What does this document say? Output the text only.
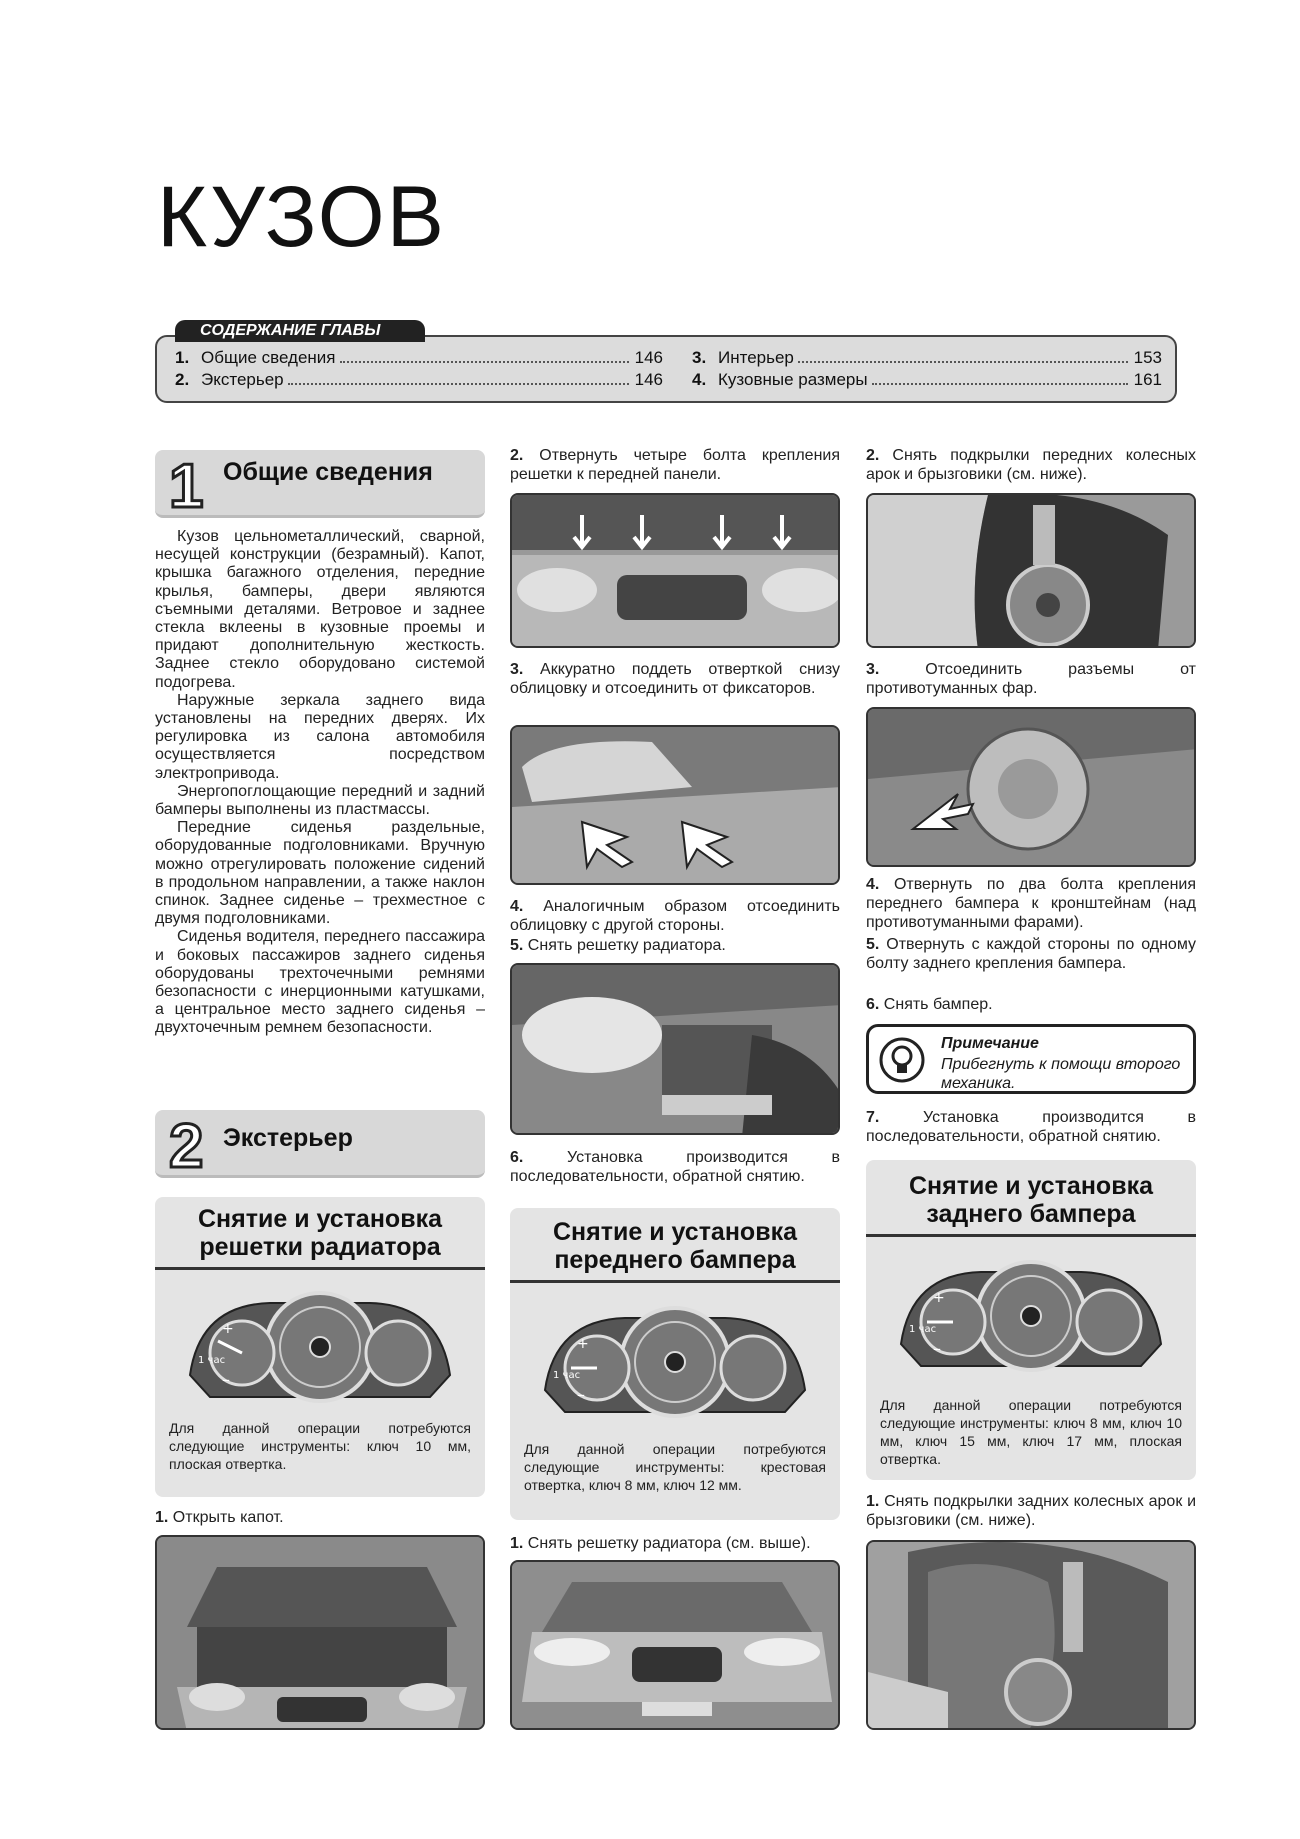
КУЗОВ
1. Общие сведения	146
2. Экстерьер	146
3. Интерьер	153
4. Кузовные размеры	161
СОДЕРЖАНИЕ ГЛАВЫ
1 Общие сведения

Кузов цельнометаллический, сварной, несущей конструкции (безрамный). Капот, крышка багажного отделения, передние крылья, бамперы, двери являются съемными деталями. Ветровое и заднее стекла вклеены в кузовные проемы и придают дополнительную жесткость. Заднее стекло оборудовано системой подогрева.

Наружные зеркала заднего вида установлены на передних дверях. Их регулировка из салона автомобиля осуществляется посредством электропривода.

Энергопоглощающие передний и задний бамперы выполнены из пластмассы.

Передние сиденья раздельные, оборудованные подголовниками. Вручную можно отрегулировать положение сидений в продольном направлении, а также наклон спинок. Заднее сиденье – трехместное с двумя подголовниками.

Сиденья водителя, переднего пассажира и боковых пассажиров заднего сиденья оборудованы трехточечными ремнями безопасности с инерционными катушками, а центральное место заднего сиденья – двухточечным ремнем безопасности.

2 Экстерьер
Снятие и установка
решетки радиатора
+
–
1 час
Для данной операции потребуются следующие инструменты: ключ 10 мм, плоская отвертка.
1. Открыть капот.
2. Отвернуть четыре болта крепления решетки к передней панели.
3. Аккуратно поддеть отверткой снизу облицовку и отсоединить от фиксаторов.
4. Аналогичным образом отсоединить облицовку с другой стороны.
5. Снять решетку радиатора.
6.	Установка производится в последовательности, обратной снятию.
Снятие и установка
переднего бампера
+
–
1 час
Для данной операции потребуются следующие инструменты: крестовая отвертка, ключ 8 мм, ключ 12 мм.
1. Снять решетку радиатора (см. выше).
2. Снять подкрылки передних колесных арок и брызговики (см. ниже).
3.	Отсоединить разъемы от противотуманных фар.
4. Отвернуть по два болта крепления переднего бампера к кронштейнам (над противотуманными фарами).
5. Отвернуть с каждой стороны по одному болту заднего крепления бампера.
6. Снять бампер.
Примечание
Прибегнуть к помощи второго механика.
7.	Установка производится в последовательности, обратной снятию.
Снятие и установка
заднего бампера
+
–
1 час
Для данной операции потребуются следующие инструменты: ключ 8 мм, ключ 10 мм, ключ 15 мм, ключ 17 мм, плоская отвертка.
1. Снять подкрылки задних колесных арок и брызговики (см. ниже).
